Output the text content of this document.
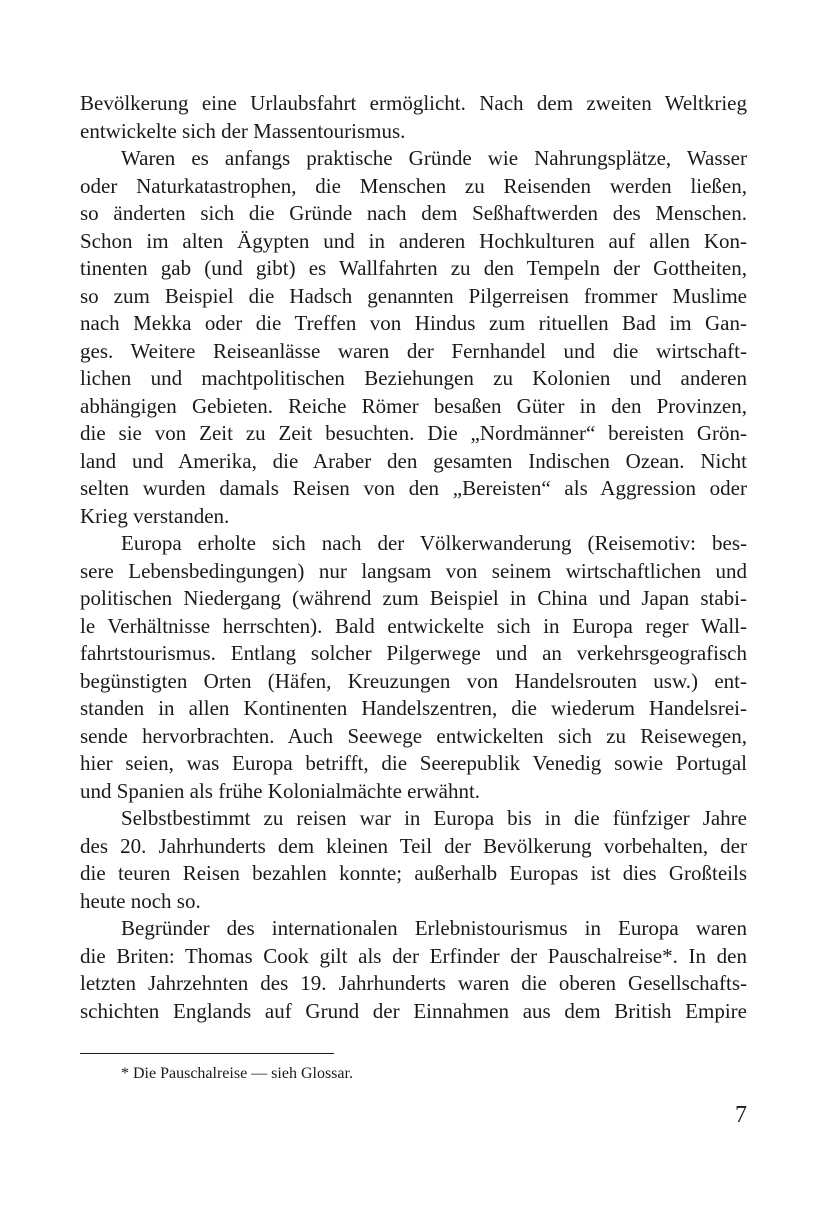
Bevölkerung eine Urlaubsfahrt ermöglicht. Nach dem zweiten Weltkrieg
entwickelte sich der Massentourismus.
Waren es anfangs praktische Gründe wie Nahrungsplätze, Wasser
oder Naturkatastrophen, die Menschen zu Reisenden werden ließen,
so änderten sich die Gründe nach dem Seßhaftwerden des Menschen.
Schon im alten Ägypten und in anderen Hochkulturen auf allen Kon-
tinenten gab (und gibt) es Wallfahrten zu den Tempeln der Gottheiten,
so zum Beispiel die Hadsch genannten Pilgerreisen frommer Muslime
nach Mekka oder die Treffen von Hindus zum rituellen Bad im Gan-
ges. Weitere Reiseanlässe waren der Fernhandel und die wirtschaft-
lichen und machtpolitischen Beziehungen zu Kolonien und anderen
abhängigen Gebieten. Reiche Römer besaßen Güter in den Provinzen,
die sie von Zeit zu Zeit besuchten. Die „Nordmänner“ bereisten Grön-
land und Amerika, die Araber den gesamten Indischen Ozean. Nicht
selten wurden damals Reisen von den „Bereisten“ als Aggression oder
Krieg verstanden.
Europa erholte sich nach der Völkerwanderung (Reisemotiv: bes-
sere Lebensbedingungen) nur langsam von seinem wirtschaftlichen und
politischen Niedergang (während zum Beispiel in China und Japan stabi-
le Verhältnisse herrschten). Bald entwickelte sich in Europa reger Wall-
fahrtstourismus. Entlang solcher Pilgerwege und an verkehrsgeografisch
begünstigten Orten (Häfen, Kreuzungen von Handelsrouten usw.) ent-
standen in allen Kontinenten Handelszentren, die wiederum Handelsrei-
sende hervorbrachten. Auch Seewege entwickelten sich zu Reisewegen,
hier seien, was Europa betrifft, die Seerepublik Venedig sowie Portugal
und Spanien als frühe Kolonialmächte erwähnt.
Selbstbestimmt zu reisen war in Europa bis in die fünfziger Jahre
des 20. Jahrhunderts dem kleinen Teil der Bevölkerung vorbehalten, der
die teuren Reisen bezahlen konnte; außerhalb Europas ist dies Großteils
heute noch so.
Begründer des internationalen Erlebnistourismus in Europa waren
die Briten: Thomas Cook gilt als der Erfinder der Pauschalreise*. In den
letzten Jahrzehnten des 19. Jahrhunderts waren die oberen Gesellschafts-
schichten Englands auf Grund der Einnahmen aus dem British Empire
* Die Pauschalreise — sieh Glossar.
7
